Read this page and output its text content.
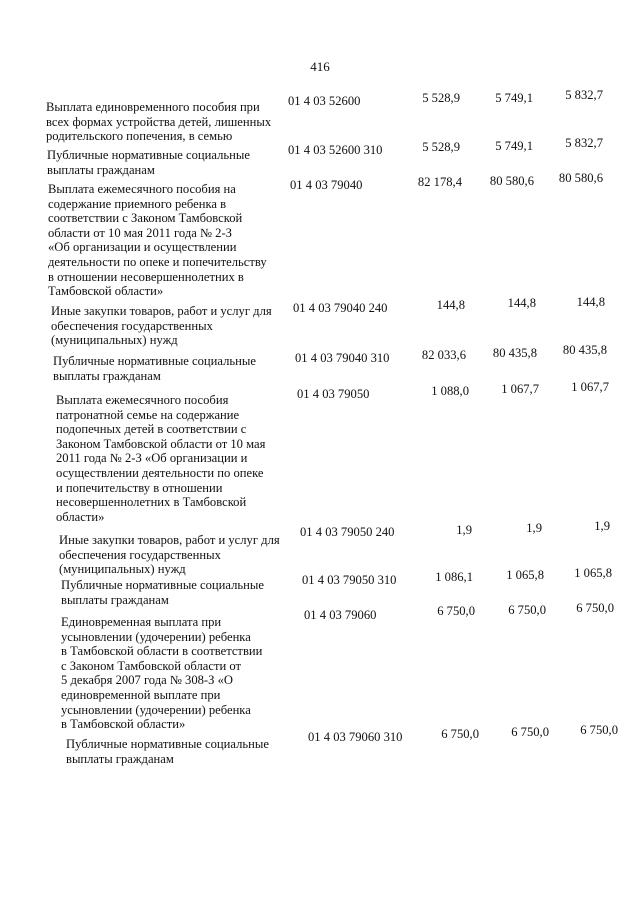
416
Выплата единовременного пособия при
всех формах устройства детей, лишенных
родительского попечения, в семью
01 4 03 52600	5 528,9	5 749,1	5 832,7
Публичные нормативные социальные
выплаты гражданам
01 4 03 52600 310	5 528,9	5 749,1	5 832,7
Выплата ежемесячного пособия на
содержание приемного ребенка в
соответствии с Законом Тамбовской
области от 10 мая 2011 года № 2-З
«Об организации и осуществлении
деятельности по опеке и попечительству
в отношении несовершеннолетних в
Тамбовской области»
01 4 03 79040	82 178,4	80 580,6	80 580,6
Иные закупки товаров, работ и услуг для
обеспечения государственных
(муниципальных) нужд
01 4 03 79040 240	144,8	144,8	144,8
Публичные нормативные социальные
выплаты гражданам
01 4 03 79040 310	82 033,6	80 435,8	80 435,8
Выплата ежемесячного пособия
патронатной семье на содержание
подопечных детей в соответствии с
Законом Тамбовской области от 10 мая
2011 года № 2-З «Об организации и
осуществлении деятельности по опеке
и попечительству в отношении
несовершеннолетних в Тамбовской
области»
01 4 03 79050	1 088,0	1 067,7	1 067,7
Иные закупки товаров, работ и услуг для
обеспечения государственных
(муниципальных) нужд
01 4 03 79050 240	1,9	1,9	1,9
Публичные нормативные социальные
выплаты гражданам
01 4 03 79050 310	1 086,1	1 065,8	1 065,8
Единовременная выплата при
усыновлении (удочерении) ребенка
в Тамбовской области в соответствии
с Законом Тамбовской области от
5 декабря 2007 года № 308-З «О
единовременной выплате при
усыновлении (удочерении) ребенка
в Тамбовской области»
01 4 03 79060	6 750,0	6 750,0	6 750,0
Публичные нормативные социальные
выплаты гражданам
01 4 03 79060 310	6 750,0	6 750,0	6 750,0
